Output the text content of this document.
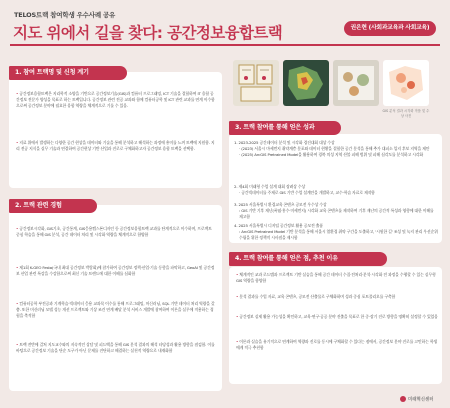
TELOS트랙 참여학생 우수사례 공유
지도 위에서 길을 찾다: 공간정보융합트랙	권은현 (사회과교육과 사회교육)
1. 참여 트랙명 및 신청 계기
• 공간정보융합트랙은 지리학적 소양을 기반으로 공간정보기술(GIS)과 컴퓨터 프로그래밍, ICT 기술을 결합하여 IT 융합 공간정보 전문가 양성을 목표로 하는 트랙입니다. 공간정보 관련 전공 교과와 함께 컴퓨터공학 및 ICT 관련 교과를 연계 이수함으로써 공간정보 분야에 필요한 융합 역량을 체계적으로 기를 수 있음.
• 지료 위에서 발생하는 다양한 공간 현상을 데이터와 기술을 통해 분석하고 해석하는 과정에 흥미를 느껴 트랙에 지원함. 지리 전공 지식을 실무 기술과 연결하여 공간현상 기반 산업과 진로로 구체화하고자 공간정보 융합 트랙을 선택함.
2. 트랙 관련 경험
• 공간정보시각화, GIS기초, 공간통계, GIS응용캡스톤디자인 등 공간정보융합트랙 교과를 단계적으로 이수하며, 프로젝트 중심 학습을 통해 GIS 분석, 공간 데이터 처리 및 시각화 역량을 체계적으로 함양함
• 제1회 K-GEO Festa(국내 최대 공간정보 박람회)에 참가하여 공간정보 정책·산업·기술 동향을 파악하고, GeoAI 및 공간정보 산업 관련 특강을 수강함으로써 최신 기술 트렌드에 대한 이해를 심화함
• 컴퓨터공학 부전공과 기계학습·빅데이터 응용 교과목 이수를 통해 프로그래밍, 머신러닝, SQL 기반 데이터 처리 역량을 갖춤. 또한 머신러닝 모델 성능 개선 프로젝트와 기상 조건 연계 배달 분석 서비스 개발에 참여하여 이론을 실무에 적용하는 경험을 축적함
• 트랙 전반에 걸쳐 지도교수와의 지속적인 상담 및 피드백을 통해 GIS 분석 결과의 해석 타당성과 활용 방향을 점검함. 이를 바탕으로 공간정보 기술을 단순 도구가 아닌 문제를 진단하고 해결하는 실천적 역량으로 내재화함
GIS 분석 결과 시각화 작품 및 수상 사진
3. 트랙 참여를 통해 얻은 성과
1. 2023-2025 공간데이터 분석 및 시각화 경진대회 대상 수상
· (2023) 서울시 마세먼지 취약계층 분포와 데이터 현황을 결합한 공간 분석을 통해 추가 대피소 입지 후보 지역을 제안
· (2025) ArcGIS Pretrained Model을 활용하여 경북 의성 지역 산불 피해 범위 및 피해 심각도를 분석하고 시각화
2. 제4회 미래형 수업 설계 대회 장려상 수상
· 공간빅데이터를 주제로 GIS 기반 수업 설계안을 개발하고, 교수·학습 자료로 제작함
3. 2025 서울특별시 환경교육 콘텐츠 공모전 우수상 수상
: GIS 기반 기후 재난(폭염·홍수·미세먼지) 시각화 교육 콘텐츠를 제작하여 기후 재난의 공간적 특성과 영향에 대한 이해를 제고함
4. 2025 서울특별시 디지털 공간정보 활용 공모전 출품
: ArcGIS Pretrained Model 기반 분석을 통해 서울시 열환경 취약 구간을 도출하고, '시원한 길' 조성 및 녹지 관리 우선순위 수립을 위한 정책적 시사점을 제시함
4. 트랙 참여를 통해 얻은 점, 추천 이유
• 체계적인 교과 로드맵과 프로젝트 기반 실습을 통해 공간 데이터 수집·전처리·분석·시각화 전 과정을 수행할 수 있는 실무형 GIS 역량을 함양함
• 분석 결과를 수업 자료, 교육 콘텐츠, 공모전 산출물로 구체화하며 성과 중심 포트폴리오를 구축함
• 공간정보 실제 활용 가능성을 확인하고, 교육·연구·공공 분야 진출을 목표로 한 중·장기 진로 방향을 명확히 설정할 수 있었음
• 이론과 실습을 유기적으로 연계하여 역량과 진로를 동시에 구체화할 수 있다는 점에서, 공간정보 분야 진로를 고민하는 학생에게 적극 추천함
미래혁신센터
